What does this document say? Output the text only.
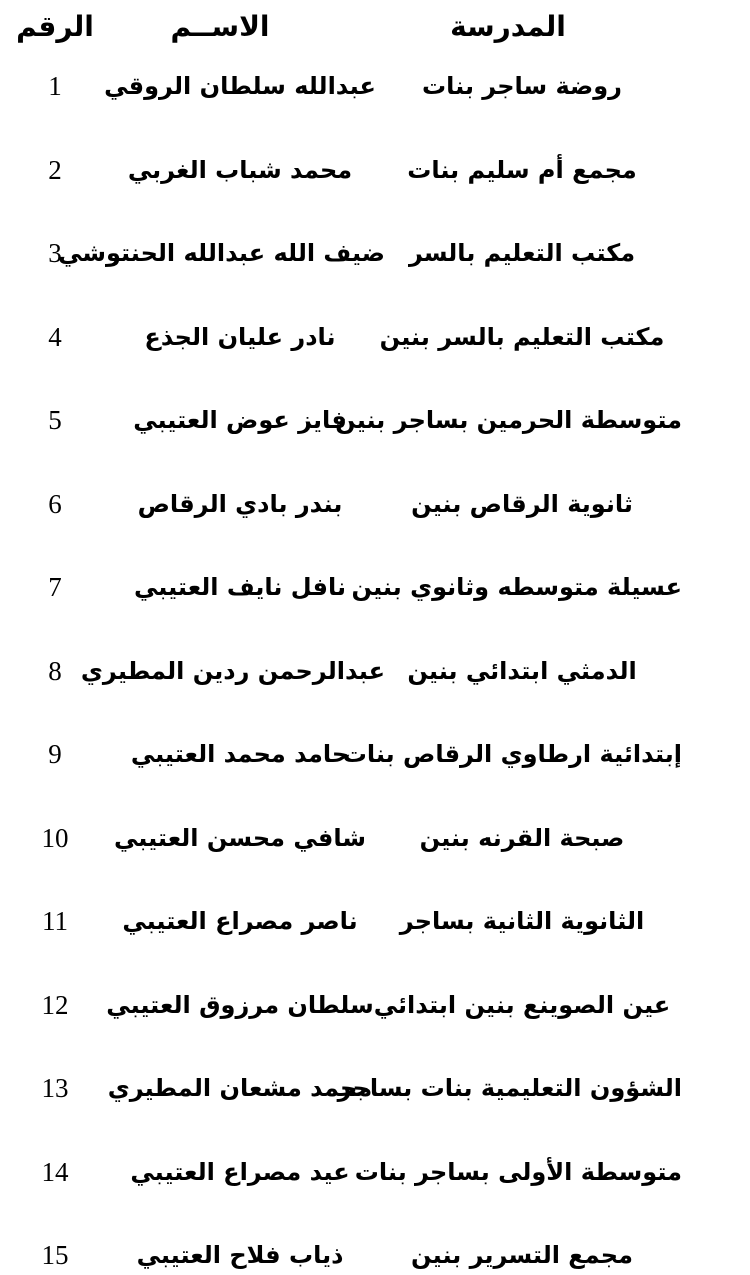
المدرسة
الاســم
الرقم
روضة ساجر بنات
عبدالله سلطان الروقي
1
مجمع أم سليم بنات
محمد شباب الغربي
2
مكتب التعليم بالسر
ضيف الله عبدالله الحنتوشي
3
مكتب التعليم بالسر بنين
نادر عليان الجذع
4
متوسطة الحرمين بساجر بنين
فايز عوض العتيبي
5
ثانوية الرقاص بنين
بندر بادي الرقاص
6
عسيلة متوسطه وثانوي بنين
نافل نايف العتيبي
7
الدمثي ابتدائي بنين
عبدالرحمن ردين المطيري
8
إبتدائية ارطاوي الرقاص بنات
حامد محمد العتيبي
9
صبحة القرنه بنين
شافي محسن العتيبي
10
الثانوية الثانية بساجر
ناصر مصراع العتيبي
11
عين الصوينع بنين ابتدائي
سلطان مرزوق العتيبي
12
الشؤون التعليمية بنات بساجر
محمد مشعان المطيري
13
متوسطة الأولى بساجر بنات
عيد مصراع العتيبي
14
مجمع التسرير بنين
ذياب فلاح العتيبي
15
